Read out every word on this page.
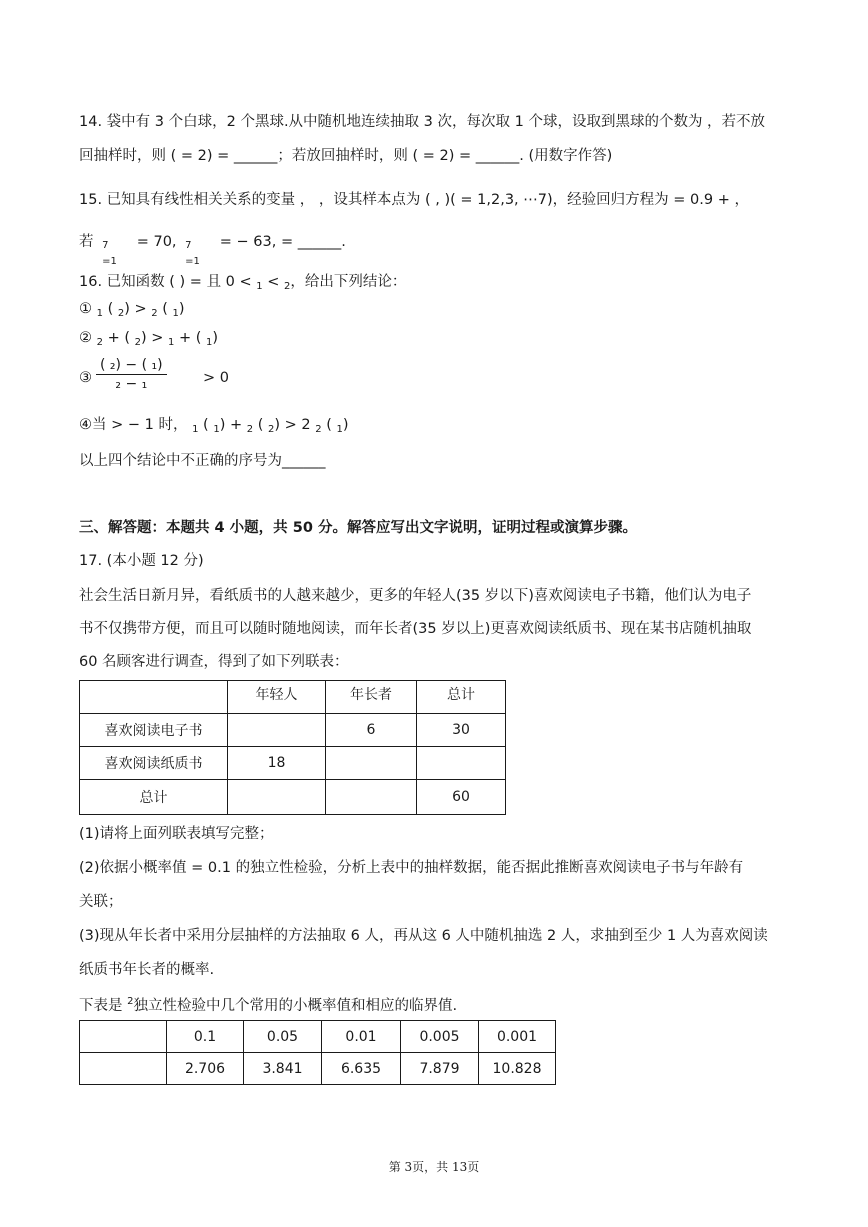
14. 袋中有 3 个白球，2 个黑球.从中随机地连续抽取 3 次，每次取 1 个球，设取到黑球的个数为 ，若不放
回抽样时，则 ( = 2) = ______；若放回抽样时，则 ( = 2) = ______. (用数字作答)
15. 已知具有线性相关关系的变量 ， ，设其样本点为 ( , )( = 1,2,3, ⋯7)，经验回归方程为 = 0.9 + ，
若 7
=1
= 70, 7
=1
= − 63, = ______.
16. 已知函数 ( ) = 且 0 < $_1$ < $_2$，给出下列结论：
① $_1$ ( $_2$) > $_2$ ( $_1$)
② $_2$ + ( $_2$) > $_1$ + ( $_1$)
③
( ₂) − ( ₁)
₂ − ₁	> 0
④当 > − 1 时， $_1$ ( $_1$) + $_2$ ( $_2$) > 2 $_2$ ( $_1$)
以上四个结论中不正确的序号为______
三、解答题：本题共 4 小题，共 50 分。解答应写出文字说明，证明过程或演算步骤。
17. (本小题 12 分)
社会生活日新月异，看纸质书的人越来越少，更多的年轻人(35 岁以下)喜欢阅读电子书籍，他们认为电子
书不仅携带方便，而且可以随时随地阅读，而年长者(35 岁以上)更喜欢阅读纸质书、现在某书店随机抽取
60 名顾客进行调查，得到了如下列联表：
	年轻人	年长者	总计
喜欢阅读电子书		6	30
喜欢阅读纸质书	18		
总计			60
(1)请将上面列联表填写完整；
(2)依据小概率值 = 0.1 的独立性检验，分析上表中的抽样数据，能否据此推断喜欢阅读电子书与年龄有
关联；
(3)现从年长者中采用分层抽样的方法抽取 6 人，再从这 6 人中随机抽选 2 人，求抽到至少 1 人为喜欢阅读
纸质书年长者的概率.
下表是 $^2$独立性检验中几个常用的小概率值和相应的临界值.
	0.1	0.05	0.01	0.005	0.001
	2.706	3.841	6.635	7.879	10.828
第 3页，共 13页
